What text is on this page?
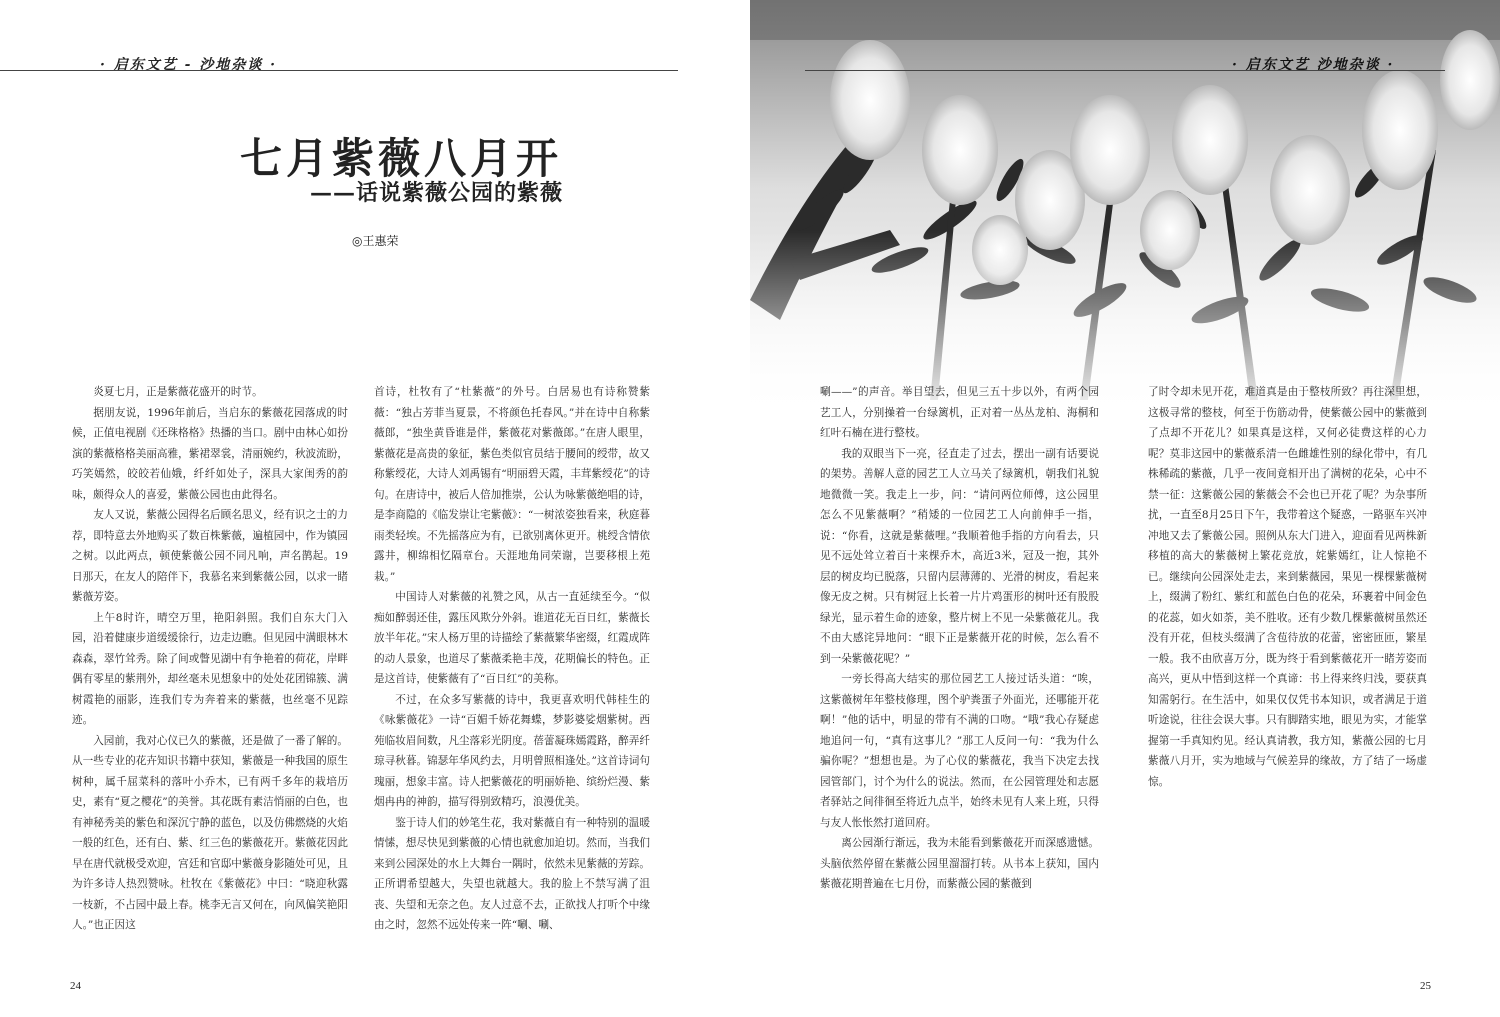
· 启东文艺 - 沙地杂谈 ·
七月紫薇八月开
——话说紫薇公园的紫薇
◎王惠荣

炎夏七月，正是紫薇花盛开的时节。

据朋友说，1996年前后，当启东的紫薇花园落成的时候，正值电视剧《还珠格格》热播的当口。剧中由林心如扮演的紫薇格格美丽高雅，紫裙翠裳，清丽婉约，秋波流盼，巧笑嫣然，皎皎若仙娥，纤纤如处子，深具大家闺秀的韵味，颇得众人的喜爱，紫薇公园也由此得名。

友人又说，紫薇公园得名后顾名思义，经有识之士的力荐，即特意去外地购买了数百株紫薇，遍植园中，作为镇园之树。以此两点，顿使紫薇公园不同凡响，声名鹊起。19日那天，在友人的陪伴下，我慕名来到紫薇公园，以求一睹紫薇芳姿。

上午8时许，晴空万里，艳阳斜照。我们自东大门入园，沿着健康步道缓缓徐行，边走边瞧。但见园中满眼林木森森，翠竹耸秀。除了间或瞥见湖中有争艳着的荷花，岸畔偶有零星的紫荆外，却丝毫未见想象中的处处花团锦簇、满树霞艳的丽影，连我们专为奔着来的紫薇，也丝毫不见踪迹。

入园前，我对心仪已久的紫薇，还是做了一番了解的。从一些专业的花卉知识书籍中获知，紫薇是一种我国的原生树种，属千屈菜科的落叶小乔木，已有两千多年的栽培历史，素有“夏之樱花”的美誉。其花既有素洁悄丽的白色，也有神秘秀美的紫色和深沉宁静的蓝色，以及仿佛燃烧的火焰一般的红色，还有白、紫、红三色的紫薇花开。紫薇花因此早在唐代就极受欢迎，宫廷和官邸中紫薇身影随处可见，且为许多诗人热烈赞咏。杜牧在《紫薇花》中曰：“晓迎秋露一枝新，不占园中最上春。桃李无言又何在，向风偏笑艳阳人。”也正因这

首诗，杜牧有了“杜紫薇”的外号。白居易也有诗称赞紫薇：“独占芳菲当夏景，不将颜色托春风。”并在诗中自称紫薇郎，“独坐黄昏谁是伴，紫薇花对紫薇郎。”在唐人眼里，紫薇花是高贵的象征，紫色类似官员结于腰间的绶带，故又称紫绶花，大诗人刘禹锡有“明丽碧天霞，丰茸紫绶花”的诗句。在唐诗中，被后人倍加推崇，公认为咏紫薇绝唱的诗，是李商隐的《临发崇让宅紫薇》：“一树浓姿独看来，秋庭暮雨类轻埃。不先摇落应为有，已欲别离休更开。桃绶含情依露井，柳绵相忆隔章台。天涯地角同荣谢，岂要移根上苑栽。”

中国诗人对紫薇的礼赞之风，从古一直延续至今。“似痴如醉弱还佳，露压风欺分外斜。谁道花无百日红，紫薇长放半年花。”宋人杨万里的诗描绘了紫薇繁华密缀，红霞成阵的动人景象，也道尽了紫薇柔艳丰茂，花期偏长的特色。正是这首诗，使紫薇有了“百日红”的美称。

不过，在众多写紫薇的诗中，我更喜欢明代韩桂生的《咏紫薇花》一诗“百媚千娇花舞蝶，梦影婆娑烟紫树。西苑临妆眉间数，凡尘落彩光阴度。蓓蕾凝珠嫣霞路，醉弄纤琼寻秋暮。锦瑟年华风约去，月明曾照相逢处。”这首诗词句瑰丽，想象丰富。诗人把紫薇花的明丽娇艳、缤纷烂漫、紫烟冉冉的神韵，描写得别致精巧，浪漫优美。

鉴于诗人们的妙笔生花，我对紫薇自有一种特别的温暖情愫，想尽快见到紫薇的心情也就愈加迫切。然而，当我们来到公园深处的水上大舞台一隅时，依然未见紫薇的芳踪。正所谓希望越大，失望也就越大。我的脸上不禁写满了沮丧、失望和无奈之色。友人过意不去，正欲找人打听个中缘由之时，忽然不远处传来一阵“唰、唰、

24
· 启东文艺 沙地杂谈 ·

唰——”的声音。举目望去，但见三五十步以外，有两个园艺工人，分别操着一台绿篱机，正对着一丛丛龙柏、海桐和红叶石楠在进行整枝。

我的双眼当下一亮，径直走了过去，摆出一副有话要说的架势。善解人意的园艺工人立马关了绿篱机，朝我们礼貌地微微一笑。我走上一步，问：“请问两位师傅，这公园里怎么不见紫薇啊？”稍矮的一位园艺工人向前伸手一指，说：“你看，这就是紫薇哩。”我顺着他手指的方向看去，只见不远处耸立着百十来棵乔木，高近3米，冠及一抱，其外层的树皮均已脱落，只留内层薄薄的、光滑的树皮，看起来像无皮之树。只有树冠上长着一片片鸡蛋形的树叶还有股股绿光，显示着生命的迹象，整片树上不见一朵紫薇花儿。我不由大感诧异地问：“眼下正是紫薇开花的时候，怎么看不到一朵紫薇花呢？”

一旁长得高大结实的那位园艺工人接过话头道：“唉，这紫薇树年年整枝修理，图个驴粪蛋子外面光，还哪能开花啊！”他的话中，明显的带有不满的口吻。“哦”我心存疑虑地追问一句，“真有这事儿？”那工人反问一句：“我为什么骗你呢？”想想也是。为了心仪的紫薇花，我当下决定去找园管部门，讨个为什么的说法。然而，在公园管理处和志愿者驿站之间徘徊至将近九点半，始终未见有人来上班，只得与友人怅怅然打道回府。

离公园渐行渐远，我为未能看到紫薇花开而深感遗憾。头脑依然停留在紫薇公园里溜溜打转。从书本上获知，国内紫薇花期普遍在七月份，而紫薇公园的紫薇到

了时令却未见开花，难道真是由于整枝所致？再往深里想，这极寻常的整枝，何至于伤筋动骨，使紫薇公园中的紫薇到了点却不开花儿？如果真是这样，又何必徒费这样的心力呢？莫非这园中的紫薇系清一色雌雄性别的绿化带中，有几株稀疏的紫薇，几乎一夜间竟相开出了满树的花朵，心中不禁一征：这紫薇公园的紫薇会不会也已开花了呢？为杂事所扰，一直至8月25日下午，我带着这个疑惑，一路驱车兴冲冲地又去了紫薇公园。照例从东大门进入，迎面看见两株新移植的高大的紫薇树上繁花竞放，姹紫嫣红，让人惊艳不已。继续向公园深处走去，来到紫薇园，果见一棵棵紫薇树上，缀满了粉红、紫红和蓝色白色的花朵，环裹着中间金色的花蕊，如火如荼，美不胜收。还有少数几棵紫薇树虽然还没有开花，但枝头缀满了含苞待放的花蕾，密密匝匝，繁星一般。我不由欣喜万分，既为终于看到紫薇花开一睹芳姿而高兴，更从中悟到这样一个真谛：书上得来终归浅，要获真知需躬行。在生活中，如果仅仅凭书本知识，或者满足于道听途说，往往会误大事。只有脚踏实地，眼见为实，才能掌握第一手真知灼见。经认真请教，我方知，紫薇公园的七月紫薇八月开，实为地域与气候差异的缘故，方了结了一场虚惊。

25
